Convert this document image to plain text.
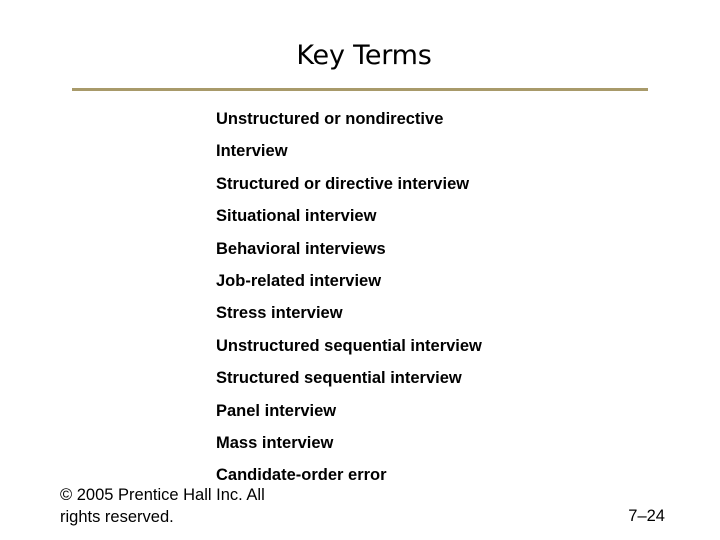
Key Terms
Unstructured or nondirective
Interview
Structured or directive interview
Situational interview
Behavioral interviews
Job-related interview
Stress interview
Unstructured sequential interview
Structured sequential interview
Panel interview
Mass interview
Candidate-order error
© 2005 Prentice Hall Inc. All rights reserved.	7–24
